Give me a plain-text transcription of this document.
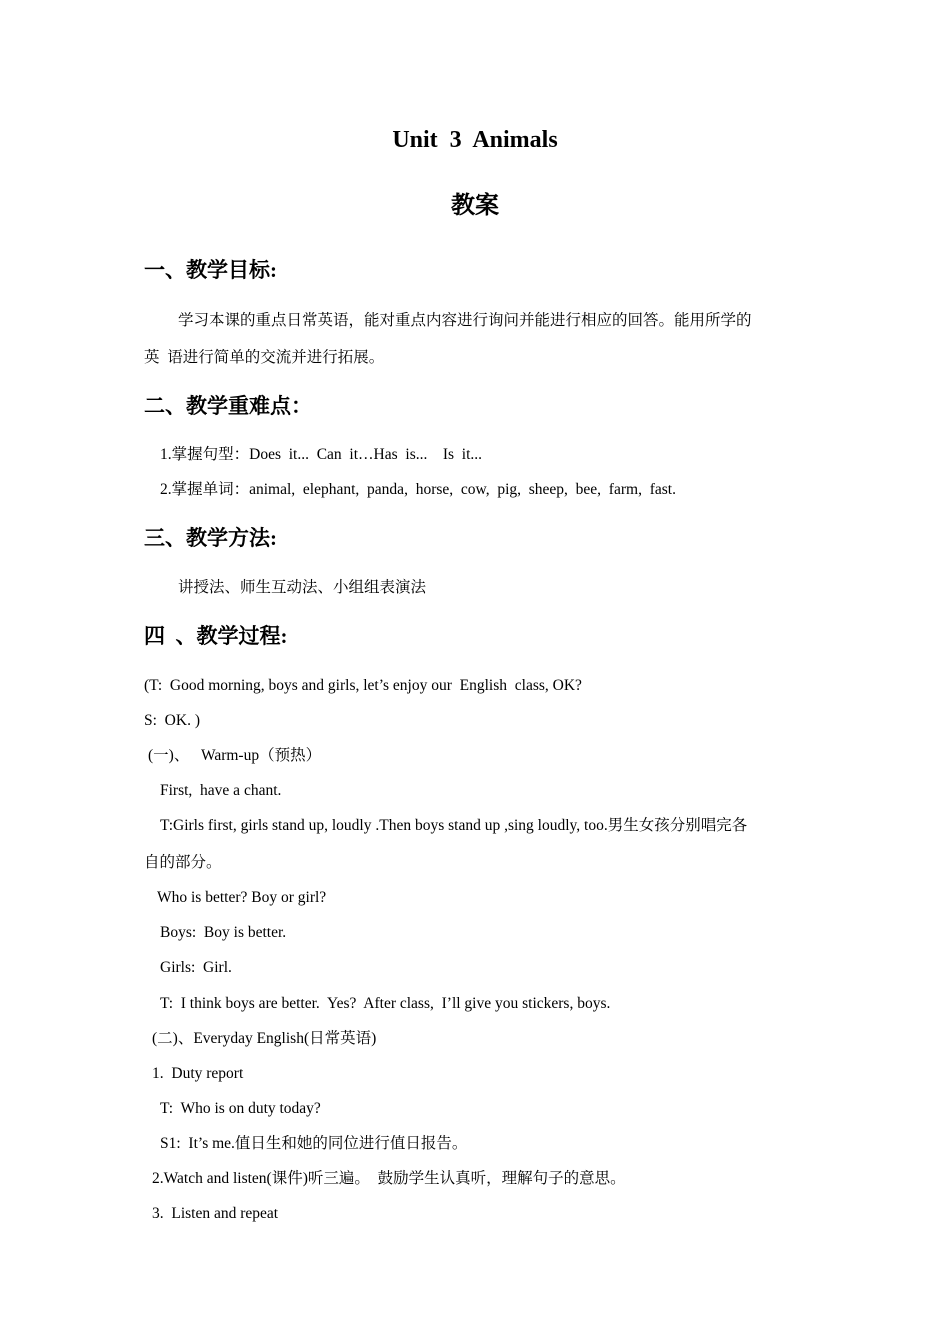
Unit  3  Animals
教案
一、教学目标:
学习本课的重点日常英语，能对重点内容进行询问并能进行相应的回答。能用所学的
英  语进行简单的交流并进行拓展。
二、教学重难点：
1.掌握句型：Does  it...  Can  it…Has  is...    Is  it...
2.掌握单词：animal,  elephant,  panda,  horse,  cow,  pig,  sheep,  bee,  farm,  fast.
三、教学方法:
讲授法、师生互动法、小组组表演法
四  、教学过程:
(T:  Good morning, boys and girls, let’s enjoy our  English  class, OK?
S:  OK. )
(一)、   Warm-up（预热）
First,  have a chant.
T:Girls first, girls stand up, loudly .Then boys stand up ,sing loudly, too.男生女孩分别唱完各
自的部分。
Who is better? Boy or girl?
Boys:  Boy is better.
Girls:  Girl.
T:  I think boys are better.  Yes?  After class,  I’ll give you stickers, boys.
(二)、Everyday English(日常英语)
1.  Duty report
T:  Who is on duty today?
S1:  It’s me.值日生和她的同位进行值日报告。
2.Watch and listen(课件)听三遍。  鼓励学生认真听，理解句子的意思。
3.  Listen and repeat
